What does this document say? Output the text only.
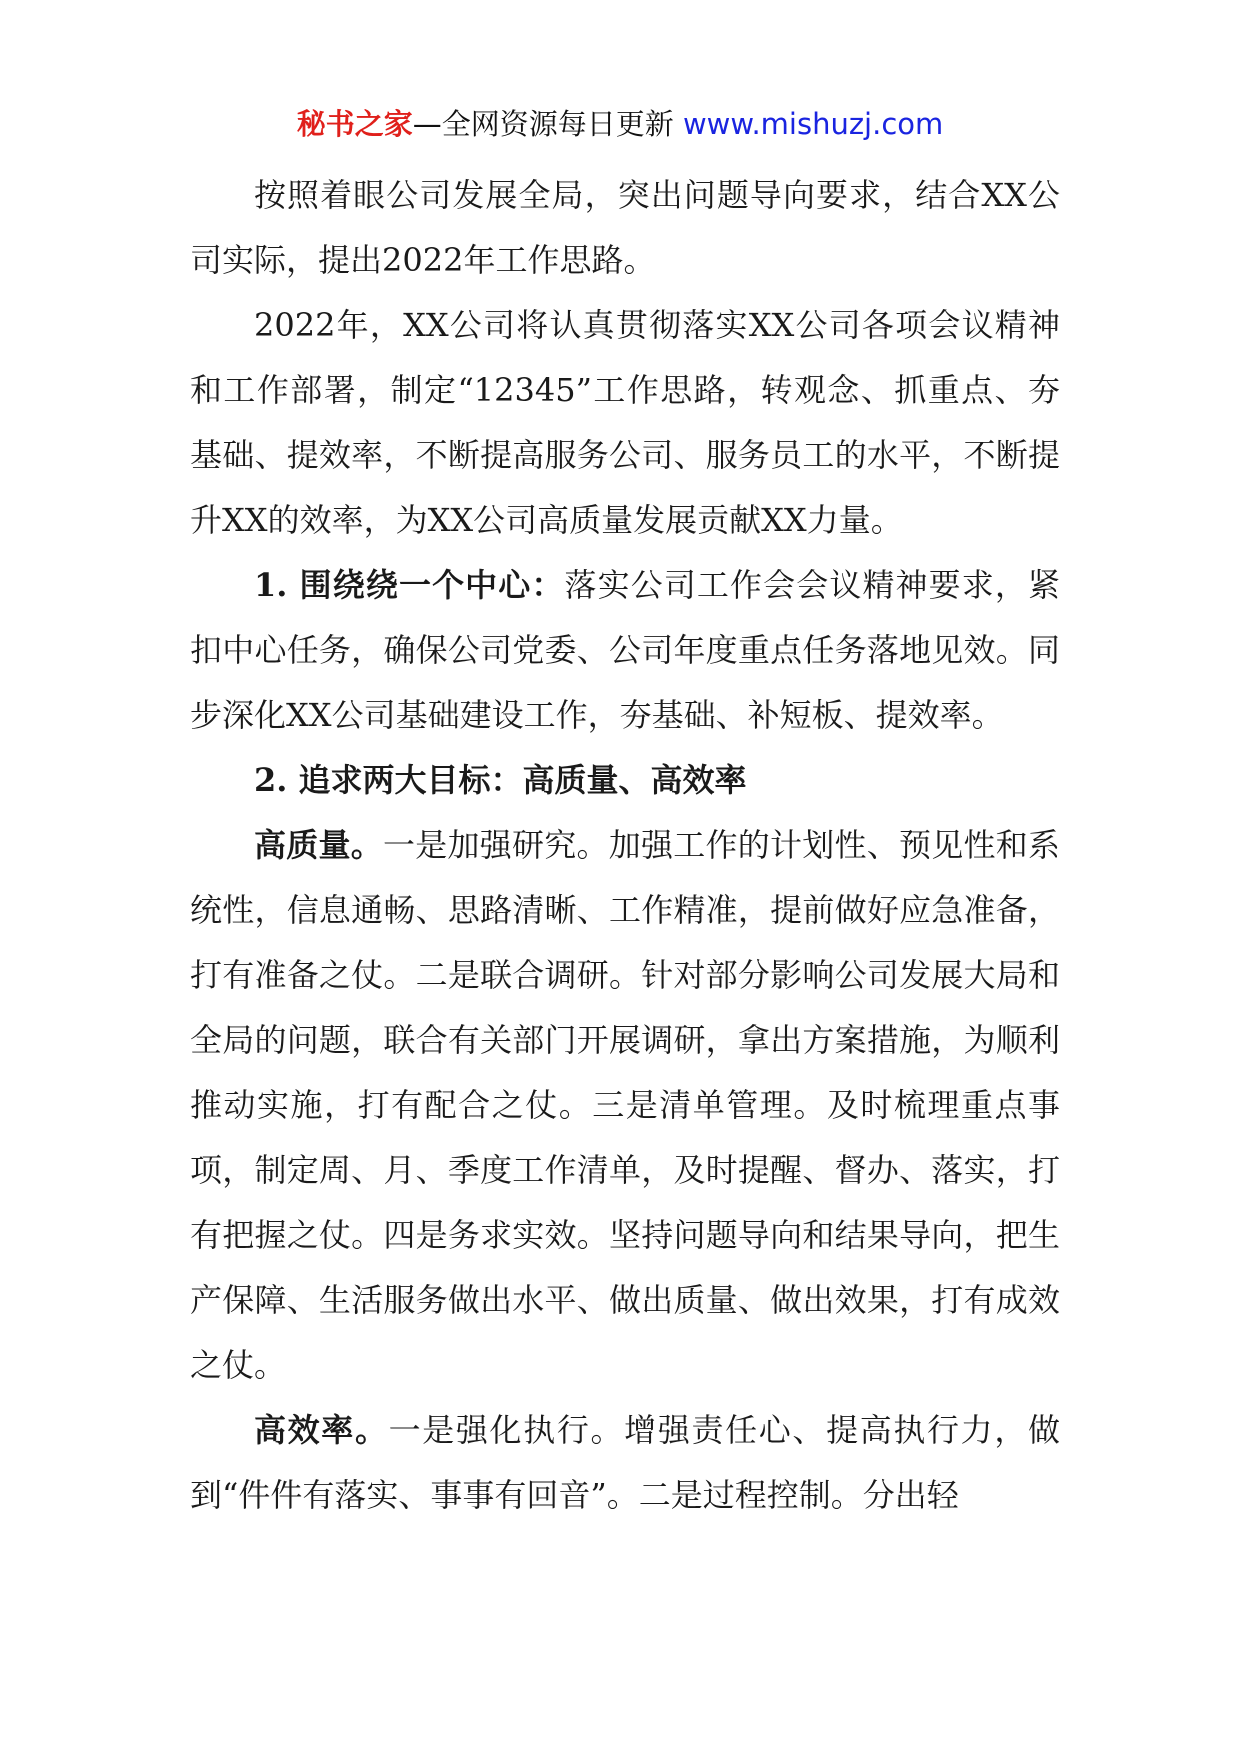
秘书之家—全网资源每日更新 www.mishuzj.com

按照着眼公司发展全局，突出问题导向要求，结合XX公司实际，提出2022年工作思路。

2022年，XX公司将认真贯彻落实XX公司各项会议精神和工作部署，制定“12345”工作思路，转观念、抓重点、夯基础、提效率，不断提高服务公司、服务员工的水平，不断提升XX的效率，为XX公司高质量发展贡献XX力量。

1. 围绕绕一个中心：落实公司工作会会议精神要求，紧扣中心任务，确保公司党委、公司年度重点任务落地见效。同步深化XX公司基础建设工作，夯基础、补短板、提效率。

2. 追求两大目标：高质量、高效率

高质量。一是加强研究。加强工作的计划性、预见性和系统性，信息通畅、思路清晰、工作精准，提前做好应急准备，打有准备之仗。二是联合调研。针对部分影响公司发展大局和全局的问题，联合有关部门开展调研，拿出方案措施，为顺利推动实施，打有配合之仗。三是清单管理。及时梳理重点事项，制定周、月、季度工作清单，及时提醒、督办、落实，打有把握之仗。四是务求实效。坚持问题导向和结果导向，把生产保障、生活服务做出水平、做出质量、做出效果，打有成效之仗。

高效率。一是强化执行。增强责任心、提高执行力，做到“件件有落实、事事有回音”。二是过程控制。分出轻
